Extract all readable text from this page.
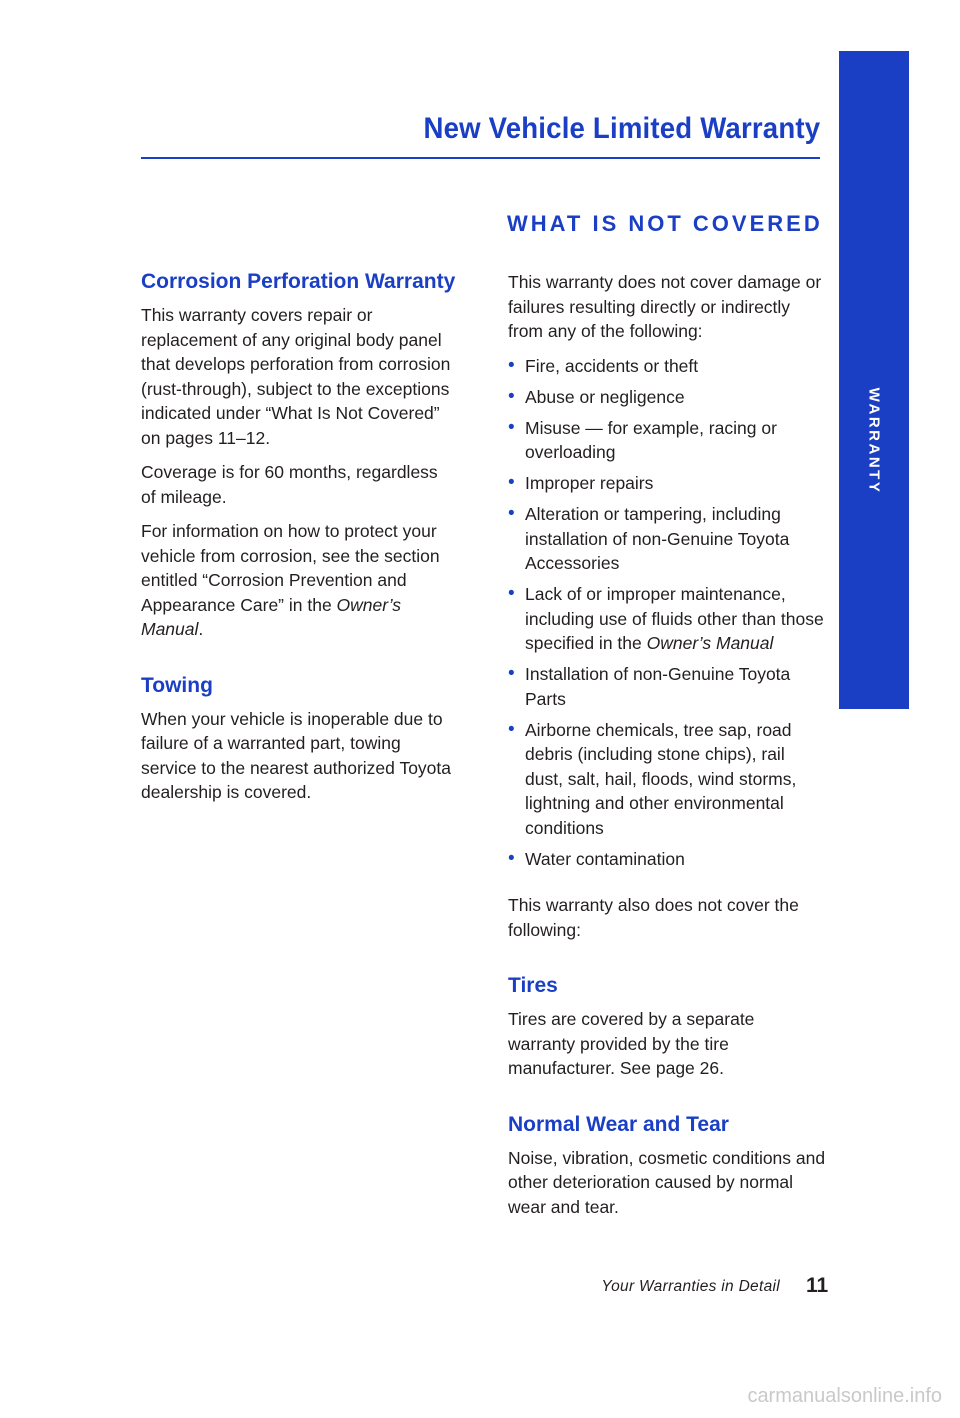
New Vehicle Limited Warranty
WARRANTY
Corrosion Perforation Warranty

This warranty covers repair or replacement of any original body panel that develops perforation from corrosion (rust-through), subject to the exceptions indicated under “What Is Not Covered” on pages 11–12.

Coverage is for 60 months, regardless of mileage.

For information on how to protect your vehicle from corrosion, see the section entitled “Corrosion Prevention and Appearance Care” in the Owner’s Manual.

Towing

When your vehicle is inoperable due to failure of a warranted part, towing service to the nearest authorized Toyota dealership is covered.

WHAT IS NOT COVERED

This warranty does not cover damage or failures resulting directly or indirectly from any of the following:

• Fire, accidents or theft
• Abuse or negligence
• Misuse — for example, racing or overloading
• Improper repairs
• Alteration or tampering, including installation of non-Genuine Toyota Accessories
• Lack of or improper maintenance, including use of fluids other than those specified in the Owner’s Manual
• Installation of non-Genuine Toyota Parts
• Airborne chemicals, tree sap, road debris (including stone chips), rail dust, salt, hail, floods, wind storms, lightning and other environmental conditions
• Water contamination

This warranty also does not cover the following:

Tires

Tires are covered by a separate warranty provided by the tire manufacturer. See page 26.

Normal Wear and Tear

Noise, vibration, cosmetic conditions and other deterioration caused by normal wear and tear.

Your Warranties in Detail 11
carmanualsonline.info
